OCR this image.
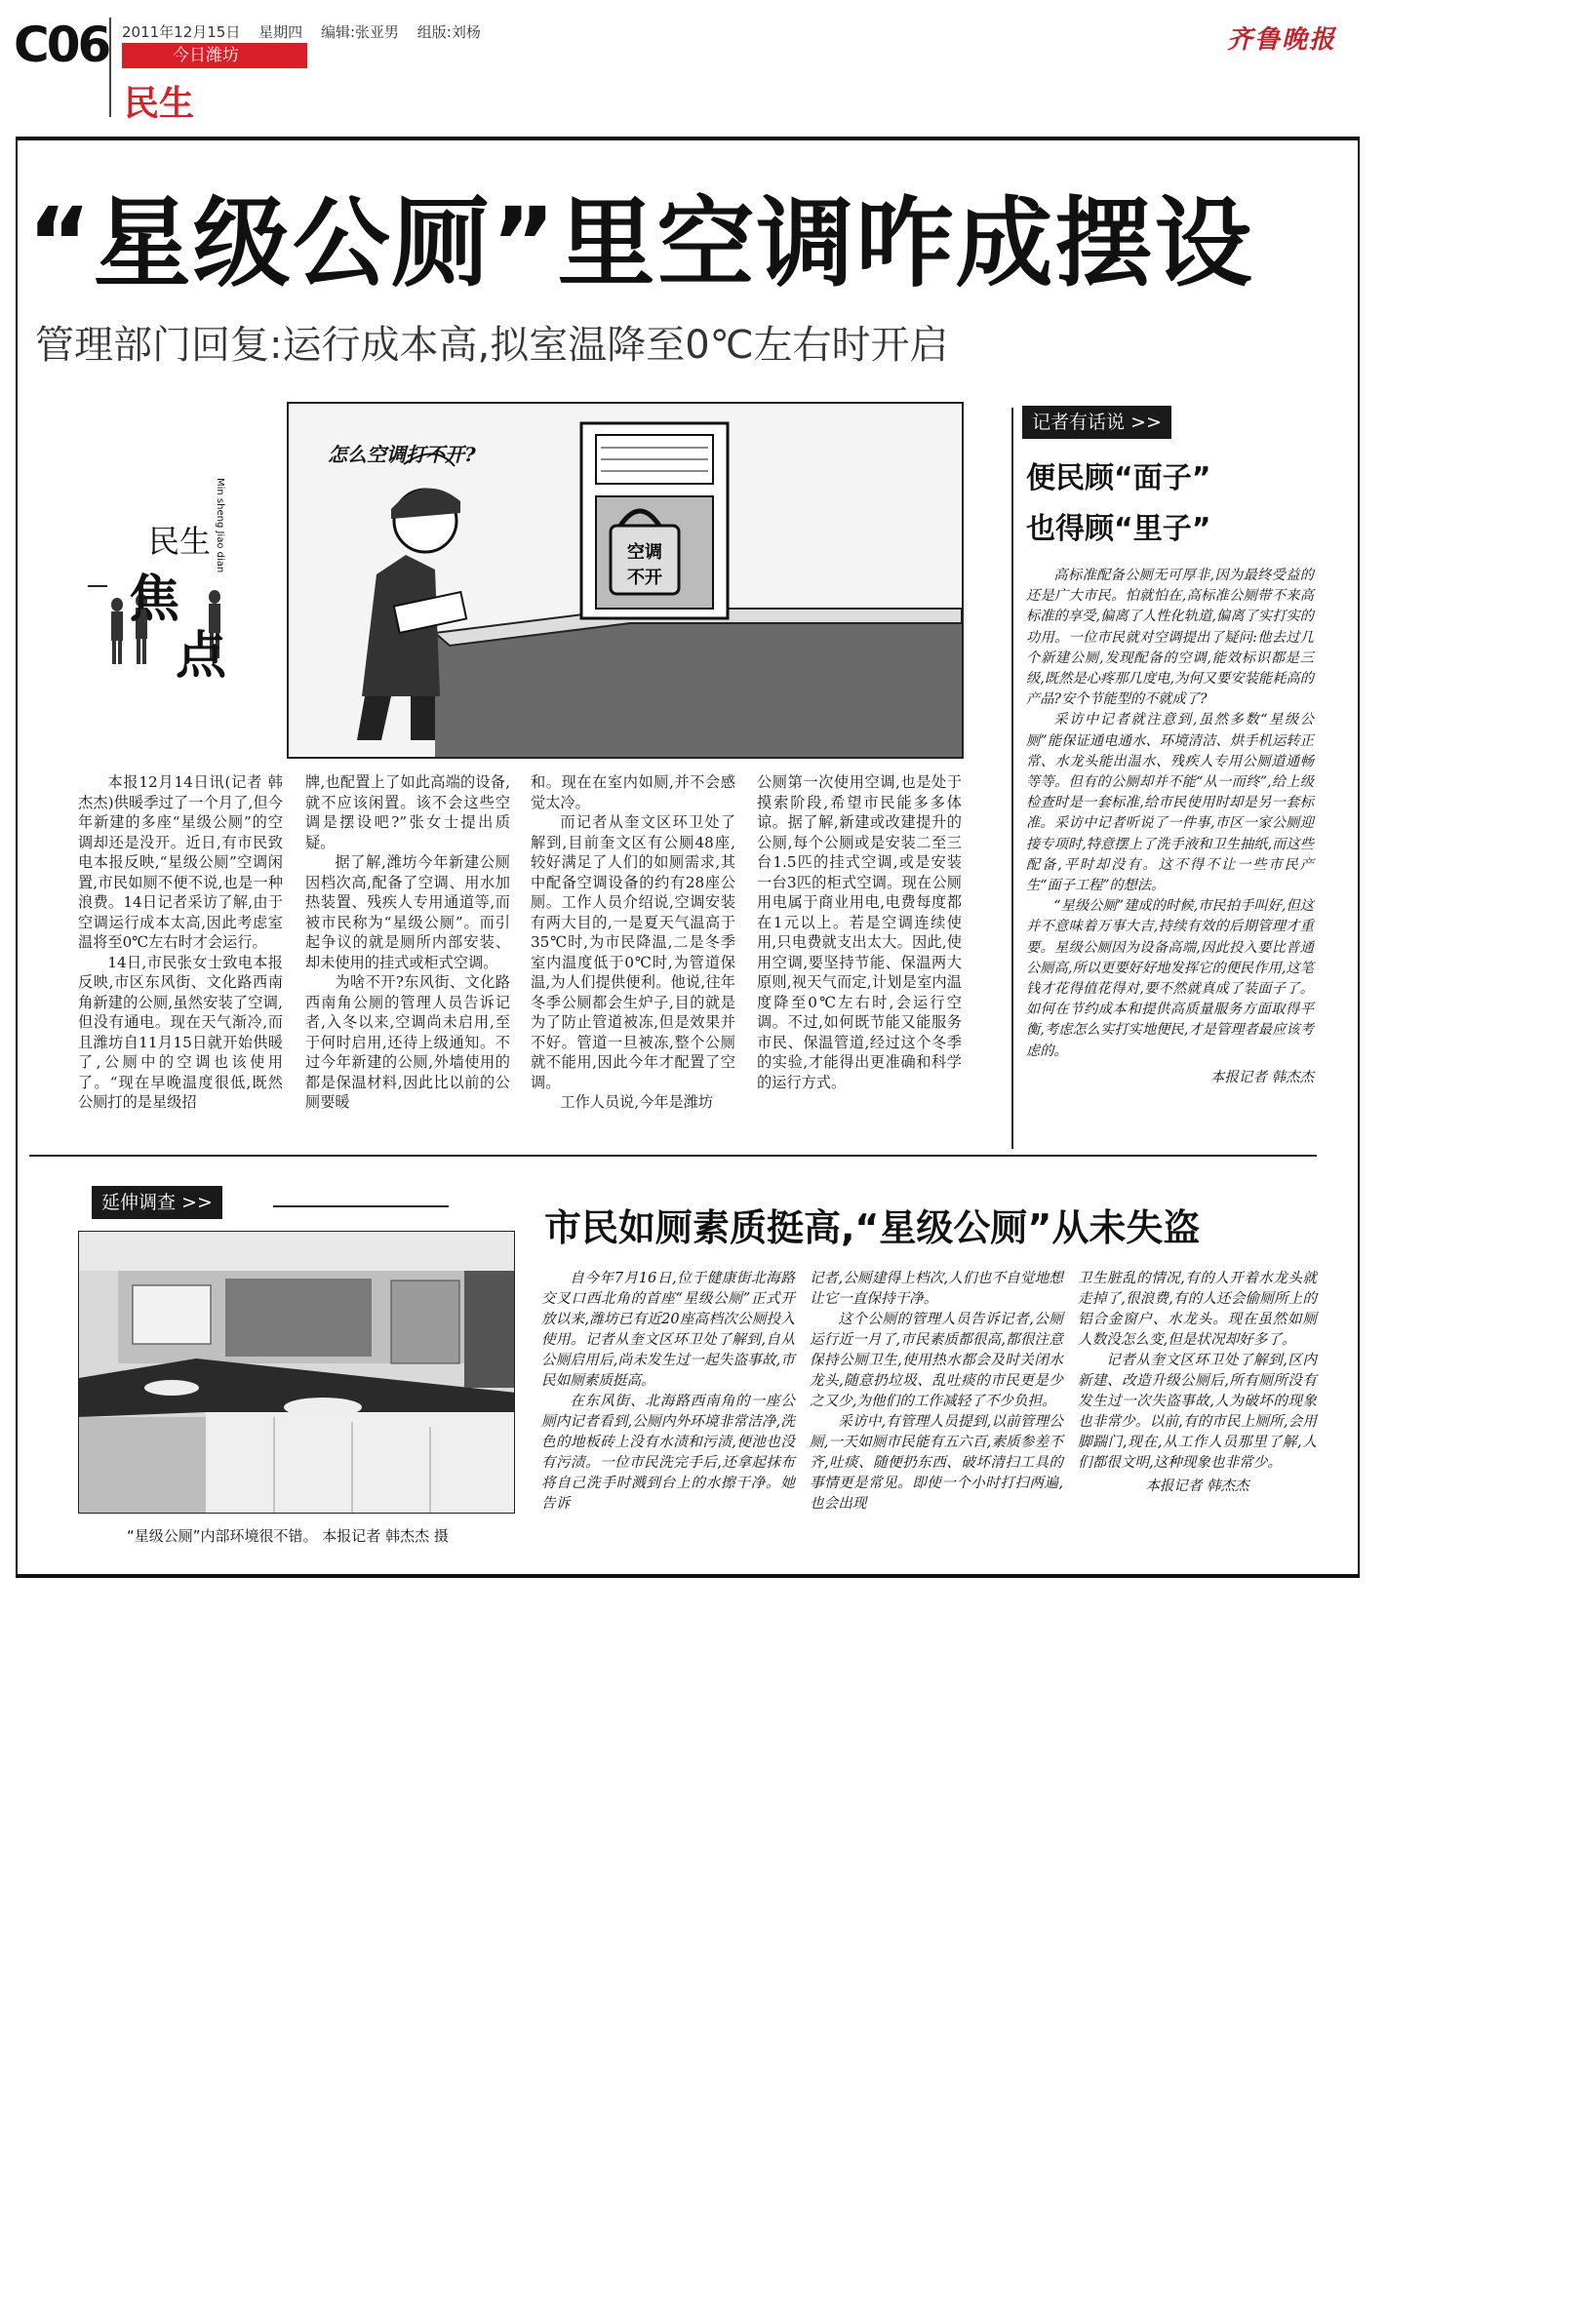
C06 2011年12月15日 星期四 编辑:张亚男 组版:刘杨
今日潍坊
民生
齐鲁晚报
“星级公厕”里空调咋成摆设
管理部门回复:运行成本高,拟室温降至0℃左右时开启
民生
焦
点
Min sheng Jiao dian	空调
不开
怎么空调打不开?

本报12月14日讯(记者 韩杰杰)供暖季过了一个月了,但今年新建的多座“星级公厕”的空调却还是没开。近日,有市民致电本报反映,“星级公厕”空调闲置,市民如厕不便不说,也是一种浪费。14日记者采访了解,由于空调运行成本太高,因此考虑室温将至0℃左右时才会运行。

14日,市民张女士致电本报反映,市区东风街、文化路西南角新建的公厕,虽然安装了空调,但没有通电。现在天气渐冷,而且潍坊自11月15日就开始供暖了,公厕中的空调也该使用了。“现在早晚温度很低,既然公厕打的是星级招

牌,也配置上了如此高端的设备,就不应该闲置。该不会这些空调是摆设吧?”张女士提出质疑。

据了解,潍坊今年新建公厕因档次高,配备了空调、用水加热装置、残疾人专用通道等,而被市民称为“星级公厕”。而引起争议的就是厕所内部安装、却未使用的挂式或柜式空调。

为啥不开?东风街、文化路西南角公厕的管理人员告诉记者,入冬以来,空调尚未启用,至于何时启用,还待上级通知。不过今年新建的公厕,外墙使用的都是保温材料,因此比以前的公厕要暖

和。现在在室内如厕,并不会感觉太冷。

而记者从奎文区环卫处了解到,目前奎文区有公厕48座,较好满足了人们的如厕需求,其中配备空调设备的约有28座公厕。工作人员介绍说,空调安装有两大目的,一是夏天气温高于35℃时,为市民降温,二是冬季室内温度低于0℃时,为管道保温,为人们提供便利。他说,往年冬季公厕都会生炉子,目的就是为了防止管道被冻,但是效果并不好。管道一旦被冻,整个公厕就不能用,因此今年才配置了空调。

工作人员说,今年是潍坊

公厕第一次使用空调,也是处于摸索阶段,希望市民能多多体谅。据了解,新建或改建提升的公厕,每个公厕或是安装二至三台1.5匹的挂式空调,或是安装一台3匹的柜式空调。现在公厕用电属于商业用电,电费每度都在1元以上。若是空调连续使用,只电费就支出太大。因此,使用空调,要坚持节能、保温两大原则,视天气而定,计划是室内温度降至0℃左右时,会运行空调。不过,如何既节能又能服务市民、保温管道,经过这个冬季的实验,才能得出更准确和科学的运行方式。

记者有话说 >>
便民顾“面子”
也得顾“里子”

高标准配备公厕无可厚非,因为最终受益的还是广大市民。怕就怕在,高标准公厕带不来高标准的享受,偏离了人性化轨道,偏离了实打实的功用。一位市民就对空调提出了疑问:他去过几个新建公厕,发现配备的空调,能效标识都是三级,既然是心疼那几度电,为何又要安装能耗高的产品?安个节能型的不就成了?

采访中记者就注意到,虽然多数“星级公厕”能保证通电通水、环境清洁、烘手机运转正常、水龙头能出温水、残疾人专用公厕道通畅等等。但有的公厕却并不能“从一而终”,给上级检查时是一套标准,给市民使用时却是另一套标准。采访中记者听说了一件事,市区一家公厕迎接专项时,特意摆上了洗手液和卫生抽纸,而这些配备,平时却没有。这不得不让一些市民产生“面子工程”的想法。

“星级公厕”建成的时候,市民拍手叫好,但这并不意味着万事大吉,持续有效的后期管理才重要。星级公厕因为设备高端,因此投入要比普通公厕高,所以更要好好地发挥它的便民作用,这笔钱才花得值花得对,要不然就真成了装面子了。如何在节约成本和提供高质量服务方面取得平衡,考虑怎么实打实地便民,才是管理者最应该考虑的。

本报记者 韩杰杰
延伸调查 >>
“星级公厕”内部环境很不错。 本报记者 韩杰杰 摄
市民如厕素质挺高,“星级公厕”从未失盗

自今年7月16日,位于健康街北海路交叉口西北角的首座“星级公厕”正式开放以来,潍坊已有近20座高档次公厕投入使用。记者从奎文区环卫处了解到,自从公厕启用后,尚未发生过一起失盗事故,市民如厕素质挺高。

在东风街、北海路西南角的一座公厕内记者看到,公厕内外环境非常洁净,洗色的地板砖上没有水渍和污渍,便池也没有污渍。一位市民洗完手后,还拿起抹布将自己洗手时溅到台上的水擦干净。她告诉

记者,公厕建得上档次,人们也不自觉地想让它一直保持干净。

这个公厕的管理人员告诉记者,公厕运行近一月了,市民素质都很高,都很注意保持公厕卫生,使用热水都会及时关闭水龙头,随意扔垃圾、乱吐痰的市民更是少之又少,为他们的工作减轻了不少负担。

采访中,有管理人员提到,以前管理公厕,一天如厕市民能有五六百,素质参差不齐,吐痰、随便扔东西、破坏清扫工具的事情更是常见。即使一个小时打扫两遍,也会出现

卫生脏乱的情况,有的人开着水龙头就走掉了,很浪费,有的人还会偷厕所上的铝合金窗户、水龙头。现在虽然如厕人数没怎么变,但是状况却好多了。

记者从奎文区环卫处了解到,区内新建、改造升级公厕后,所有厕所没有发生过一次失盗事故,人为破坏的现象也非常少。以前,有的市民上厕所,会用脚踹门,现在,从工作人员那里了解,人们都很文明,这种现象也非常少。

本报记者 韩杰杰
